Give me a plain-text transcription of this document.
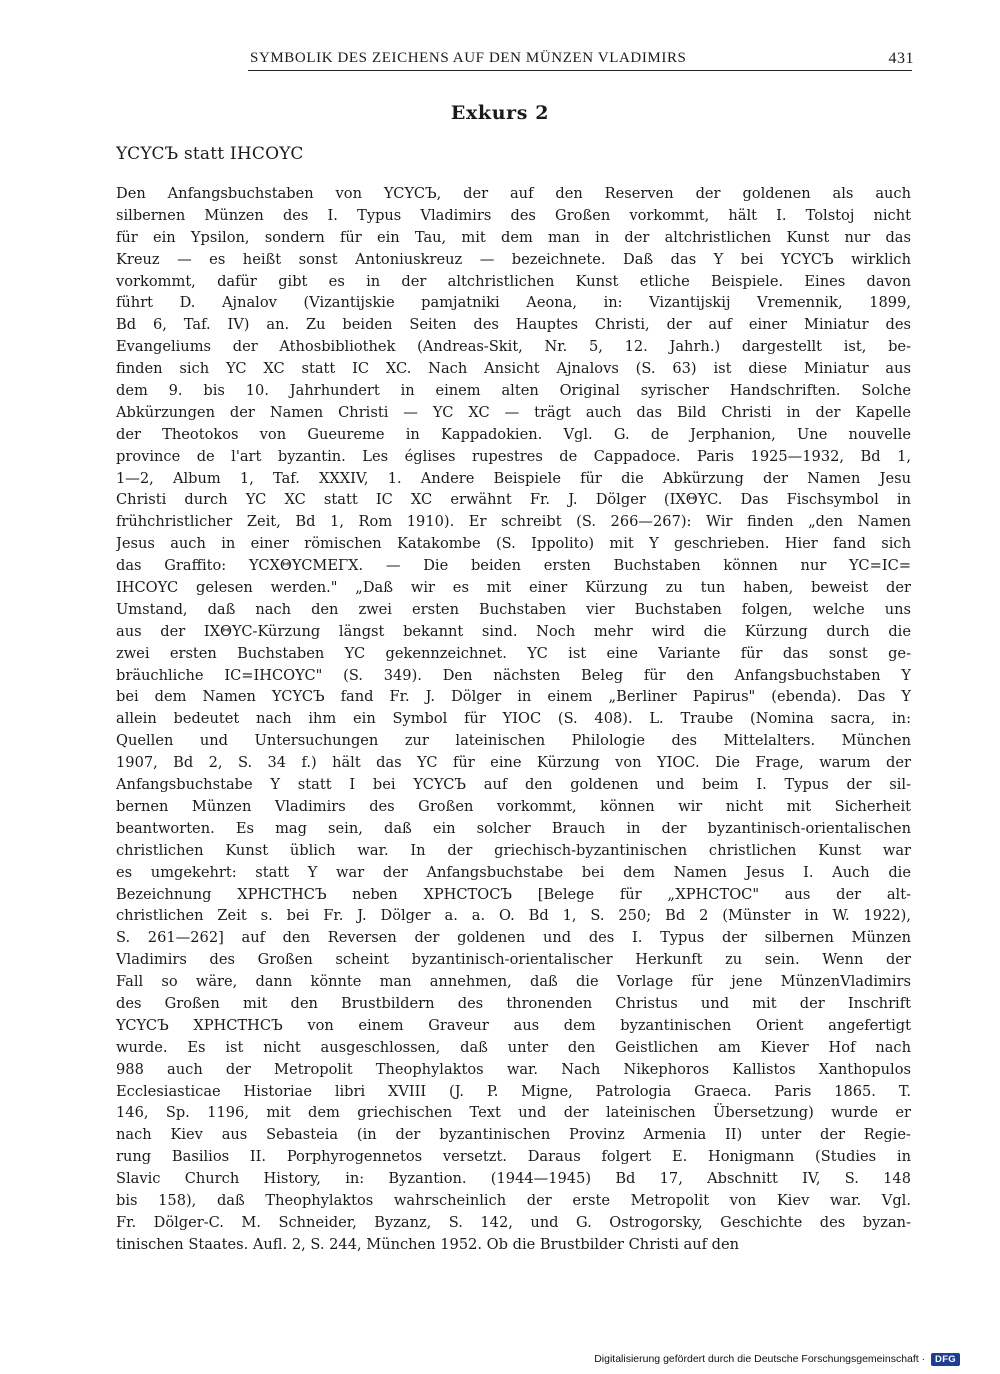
SYMBOLIK DES ZEICHENS AUF DEN MÜNZEN VLADIMIRS	431
Exkurs 2
YCYCЪ statt IHCOYC
Den Anfangsbuchstaben von YCYCЪ, der auf den Reserven der goldenen als auch
silbernen Münzen des I. Typus Vladimirs des Großen vorkommt, hält I. Tolstoj nicht
für ein Ypsilon, sondern für ein Tau, mit dem man in der altchristlichen Kunst nur das
Kreuz — es heißt sonst Antoniuskreuz — bezeichnete. Daß das Y bei YCYCЪ wirklich
vorkommt, dafür gibt es in der altchristlichen Kunst etliche Beispiele. Eines davon
führt D. Ajnalov (Vizantijskie pamjatniki Aeona, in: Vizantijskij Vremennik, 1899,
Bd 6, Taf. IV) an. Zu beiden Seiten des Hauptes Christi, der auf einer Miniatur des
Evangeliums der Athosbibliothek (Andreas-Skit, Nr. 5, 12. Jahrh.) dargestellt ist, be-
finden sich YC XC statt IC XC. Nach Ansicht Ajnalovs (S. 63) ist diese Miniatur aus
dem 9. bis 10. Jahrhundert in einem alten Original syrischer Handschriften. Solche
Abkürzungen der Namen Christi — YC XC — trägt auch das Bild Christi in der Kapelle
der Theotokos von Gueureme in Kappadokien. Vgl. G. de Jerphanion, Une nouvelle
province de l'art byzantin. Les églises rupestres de Cappadoce. Paris 1925—1932, Bd 1,
1—2, Album 1, Taf. XXXIV, 1. Andere Beispiele für die Abkürzung der Namen Jesu
Christi durch YC XC statt IC XC erwähnt Fr. J. Dölger (IXΘYC. Das Fischsymbol in
frühchristlicher Zeit, Bd 1, Rom 1910). Er schreibt (S. 266—267): Wir finden „den Namen
Jesus auch in einer römischen Katakombe (S. Ippolito) mit Y geschrieben. Hier fand sich
das Graffito: YCXΘYCMEΓX. — Die beiden ersten Buchstaben können nur YC=IC=
IHCOYC gelesen werden." „Daß wir es mit einer Kürzung zu tun haben, beweist der
Umstand, daß nach den zwei ersten Buchstaben vier Buchstaben folgen, welche uns
aus der IXΘYC-Kürzung längst bekannt sind. Noch mehr wird die Kürzung durch die
zwei ersten Buchstaben YC gekennzeichnet. YC ist eine Variante für das sonst ge-
bräuchliche IC=IHCOYC" (S. 349). Den nächsten Beleg für den Anfangsbuchstaben Y
bei dem Namen YCYCЪ fand Fr. J. Dölger in einem „Berliner Papirus" (ebenda). Das Y
allein bedeutet nach ihm ein Symbol für YIOC (S. 408). L. Traube (Nomina sacra, in:
Quellen und Untersuchungen zur lateinischen Philologie des Mittelalters. München
1907, Bd 2, S. 34 f.) hält das YC für eine Kürzung von YIOC. Die Frage, warum der
Anfangsbuchstabe Y statt I bei YCYCЪ auf den goldenen und beim I. Typus der sil-
bernen Münzen Vladimirs des Großen vorkommt, können wir nicht mit Sicherheit
beantworten. Es mag sein, daß ein solcher Brauch in der byzantinisch-orientalischen
christlichen Kunst üblich war. In der griechisch-byzantinischen christlichen Kunst war
es umgekehrt: statt Y war der Anfangsbuchstabe bei dem Namen Jesus I. Auch die
Bezeichnung XPHCTHCЪ neben XPHCTOCЪ [Belege für „XPHCTOC" aus der alt-
christlichen Zeit s. bei Fr. J. Dölger a. a. O. Bd 1, S. 250; Bd 2 (Münster in W. 1922),
S. 261—262] auf den Reversen der goldenen und des I. Typus der silbernen Münzen
Vladimirs des Großen scheint byzantinisch-orientalischer Herkunft zu sein. Wenn der
Fall so wäre, dann könnte man annehmen, daß die Vorlage für jene MünzenVladimirs
des Großen mit den Brustbildern des thronenden Christus und mit der Inschrift
YCYCЪ XPHCTHCЪ von einem Graveur aus dem byzantinischen Orient angefertigt
wurde. Es ist nicht ausgeschlossen, daß unter den Geistlichen am Kiever Hof nach
988 auch der Metropolit Theophylaktos war. Nach Nikephoros Kallistos Xanthopulos
Ecclesiasticae Historiae libri XVIII (J. P. Migne, Patrologia Graeca. Paris 1865. T.
146, Sp. 1196, mit dem griechischen Text und der lateinischen Übersetzung) wurde er
nach Kiev aus Sebasteia (in der byzantinischen Provinz Armenia II) unter der Regie-
rung Basilios II. Porphyrogennetos versetzt. Daraus folgert E. Honigmann (Studies in
Slavic Church History, in: Byzantion. (1944—1945) Bd 17, Abschnitt IV, S. 148
bis 158), daß Theophylaktos wahrscheinlich der erste Metropolit von Kiev war. Vgl.
Fr. Dölger-C. M. Schneider, Byzanz, S. 142, und G. Ostrogorsky, Geschichte des byzan-
tinischen Staates. Aufl. 2, S. 244, München 1952. Ob die Brustbilder Christi auf den
Digitalisierung gefördert durch die Deutsche Forschungsgemeinschaft · DFG
